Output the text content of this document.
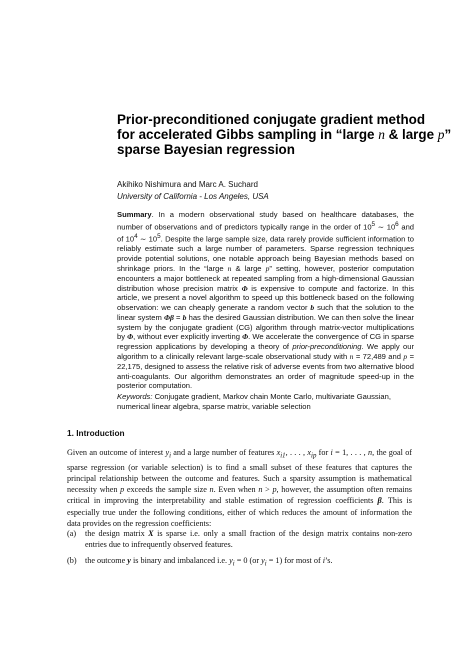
Prior-preconditioned conjugate gradient method
for accelerated Gibbs sampling in “large n & large p”
sparse Bayesian regression
Akihiko Nishimura and Marc A. Suchard
University of California - Los Angeles, USA
Summary. In a modern observational study based on healthcare databases, the number of observations and of predictors typically range in the order of $10^5$ ∼ $10^6$ and of $10^4$ ∼ $10^5$. Despite the large sample size, data rarely provide sufficient information to reliably estimate such a large number of parameters. Sparse regression techniques provide potential solutions, one notable approach being Bayesian methods based on shrinkage priors. In the “large n & large p” setting, however, posterior computation encounters a major bottleneck at repeated sampling from a high-dimensional Gaussian distribution whose precision matrix Φ is expensive to compute and factorize. In this article, we present a novel algorithm to speed up this bottleneck based on the following observation: we can cheaply generate a random vector b such that the solution to the linear system Φβ = b has the desired Gaussian distribution. We can then solve the linear system by the conjugate gradient (CG) algorithm through matrix-vector multiplications by Φ, without ever explicitly inverting Φ. We accelerate the convergence of CG in sparse regression applications by developing a theory of prior-preconditioning. We apply our algorithm to a clinically relevant large-scale observational study with n = 72,489 and p = 22,175, designed to assess the relative risk of adverse events from two alternative blood anti-coagulants. Our algorithm demonstrates an order of magnitude speed-up in the posterior computation.
Keywords: Conjugate gradient, Markov chain Monte Carlo, multivariate Gaussian, numerical linear algebra, sparse matrix, variable selection
1. Introduction
Given an outcome of interest $y_i$ and a large number of features $x_{i1}$, . . . , $x_{ip}$ for i = 1, . . . , n, the goal of sparse regression (or variable selection) is to find a small subset of these features that captures the principal relationship between the outcome and features. Such a sparsity assumption is mathematical necessity when p exceeds the sample size n. Even when n > p, however, the assumption often remains critical in improving the interpretability and stable estimation of regression coefficients β. This is especially true under the following conditions, either of which reduces the amount of information the data provides on the regression coefficients:
(a)	the design matrix X is sparse i.e. only a small fraction of the design matrix contains non-zero entries due to infrequently observed features.
(b)	the outcome y is binary and imbalanced i.e. $y_i = 0$ (or $y_i = 1$) for most of i’s.
